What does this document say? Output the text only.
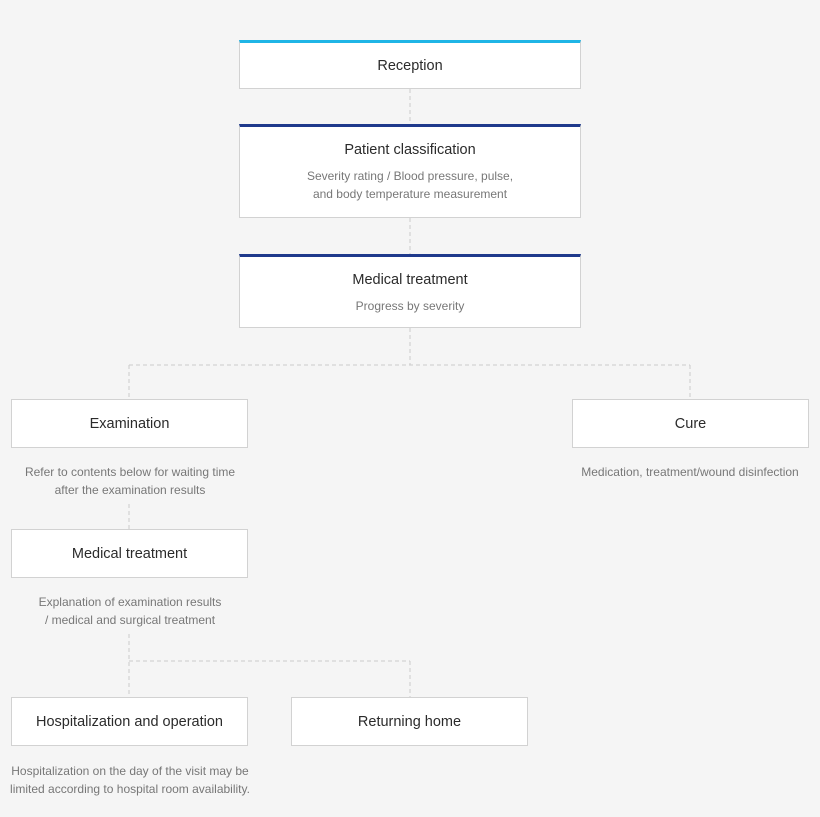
Reception
Patient classification
Severity rating / Blood pressure, pulse,
and body temperature measurement
Medical treatment
Progress by severity
Examination
Refer to contents below for waiting time
after the examination results
Cure
Medication, treatment/wound disinfection
Medical treatment
Explanation of examination results
/ medical and surgical treatment
Hospitalization and operation
Hospitalization on the day of the visit may be
limited according to hospital room availability.
Returning home
